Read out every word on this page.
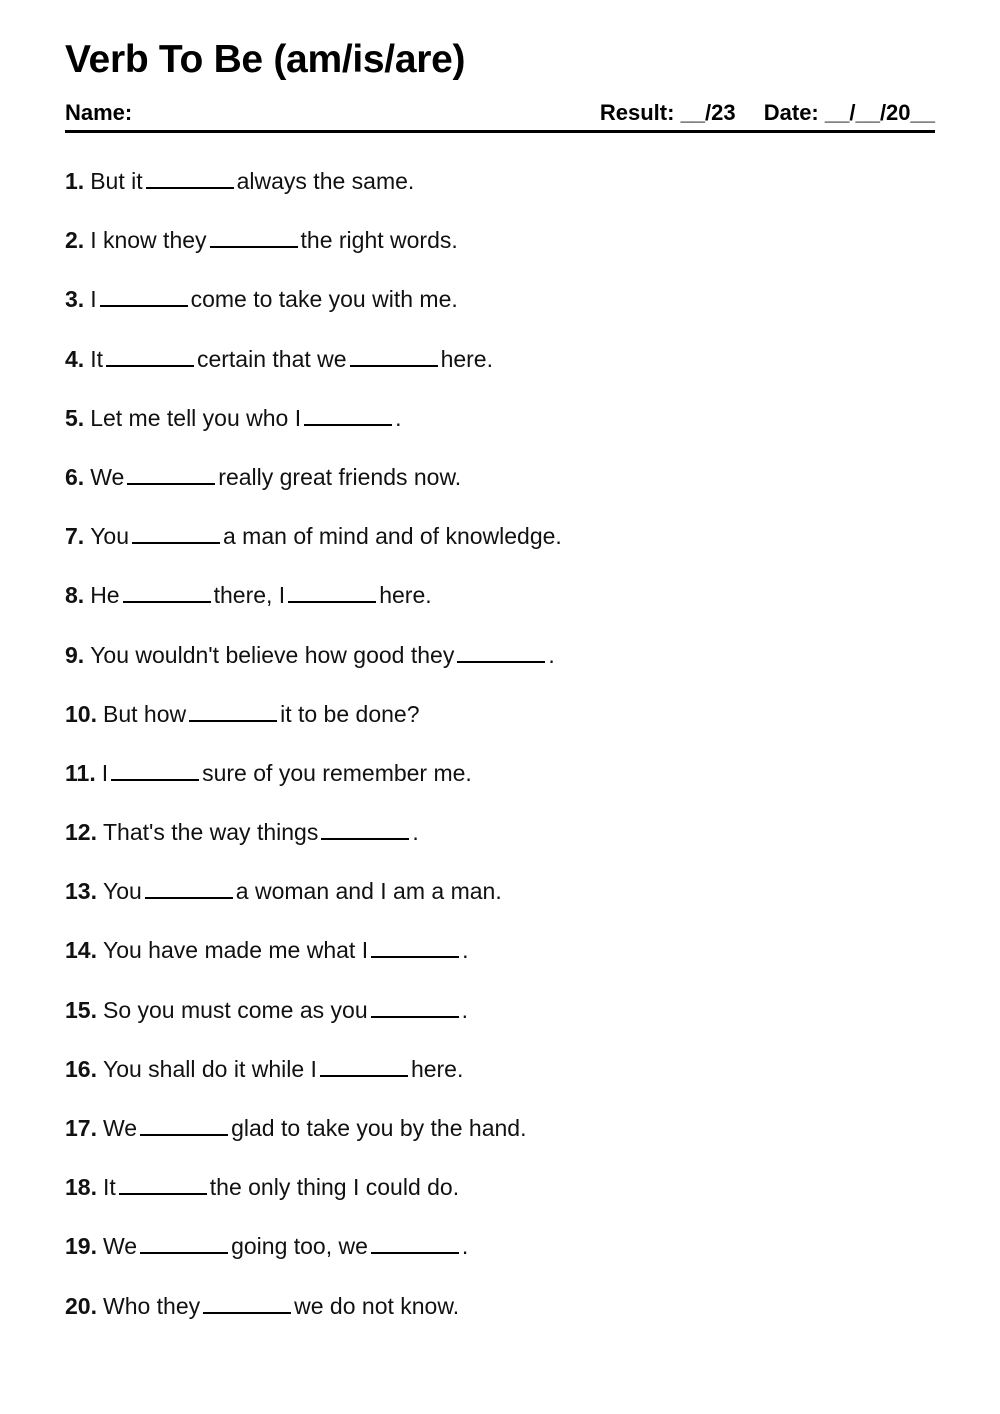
Verb To Be (am/is/are)
Name:	Result: __/23 Date: __/__/20__
1. But it	always the same.
2. I know they	the right words.
3. I	come to take you with me.
4. It	certain that we	here.
5. Let me tell you who I	.
6. We	really great friends now.
7. You	a man of mind and of knowledge.
8. He	there, I	here.
9. You wouldn't believe how good they	.
10. But how	it to be done?
11. I	sure of you remember me.
12. That's the way things	.
13. You	a woman and I am a man.
14. You have made me what I	.
15. So you must come as you	.
16. You shall do it while I	here.
17. We	glad to take you by the hand.
18. It	the only thing I could do.
19. We	going too, we	.
20. Who they	we do not know.
